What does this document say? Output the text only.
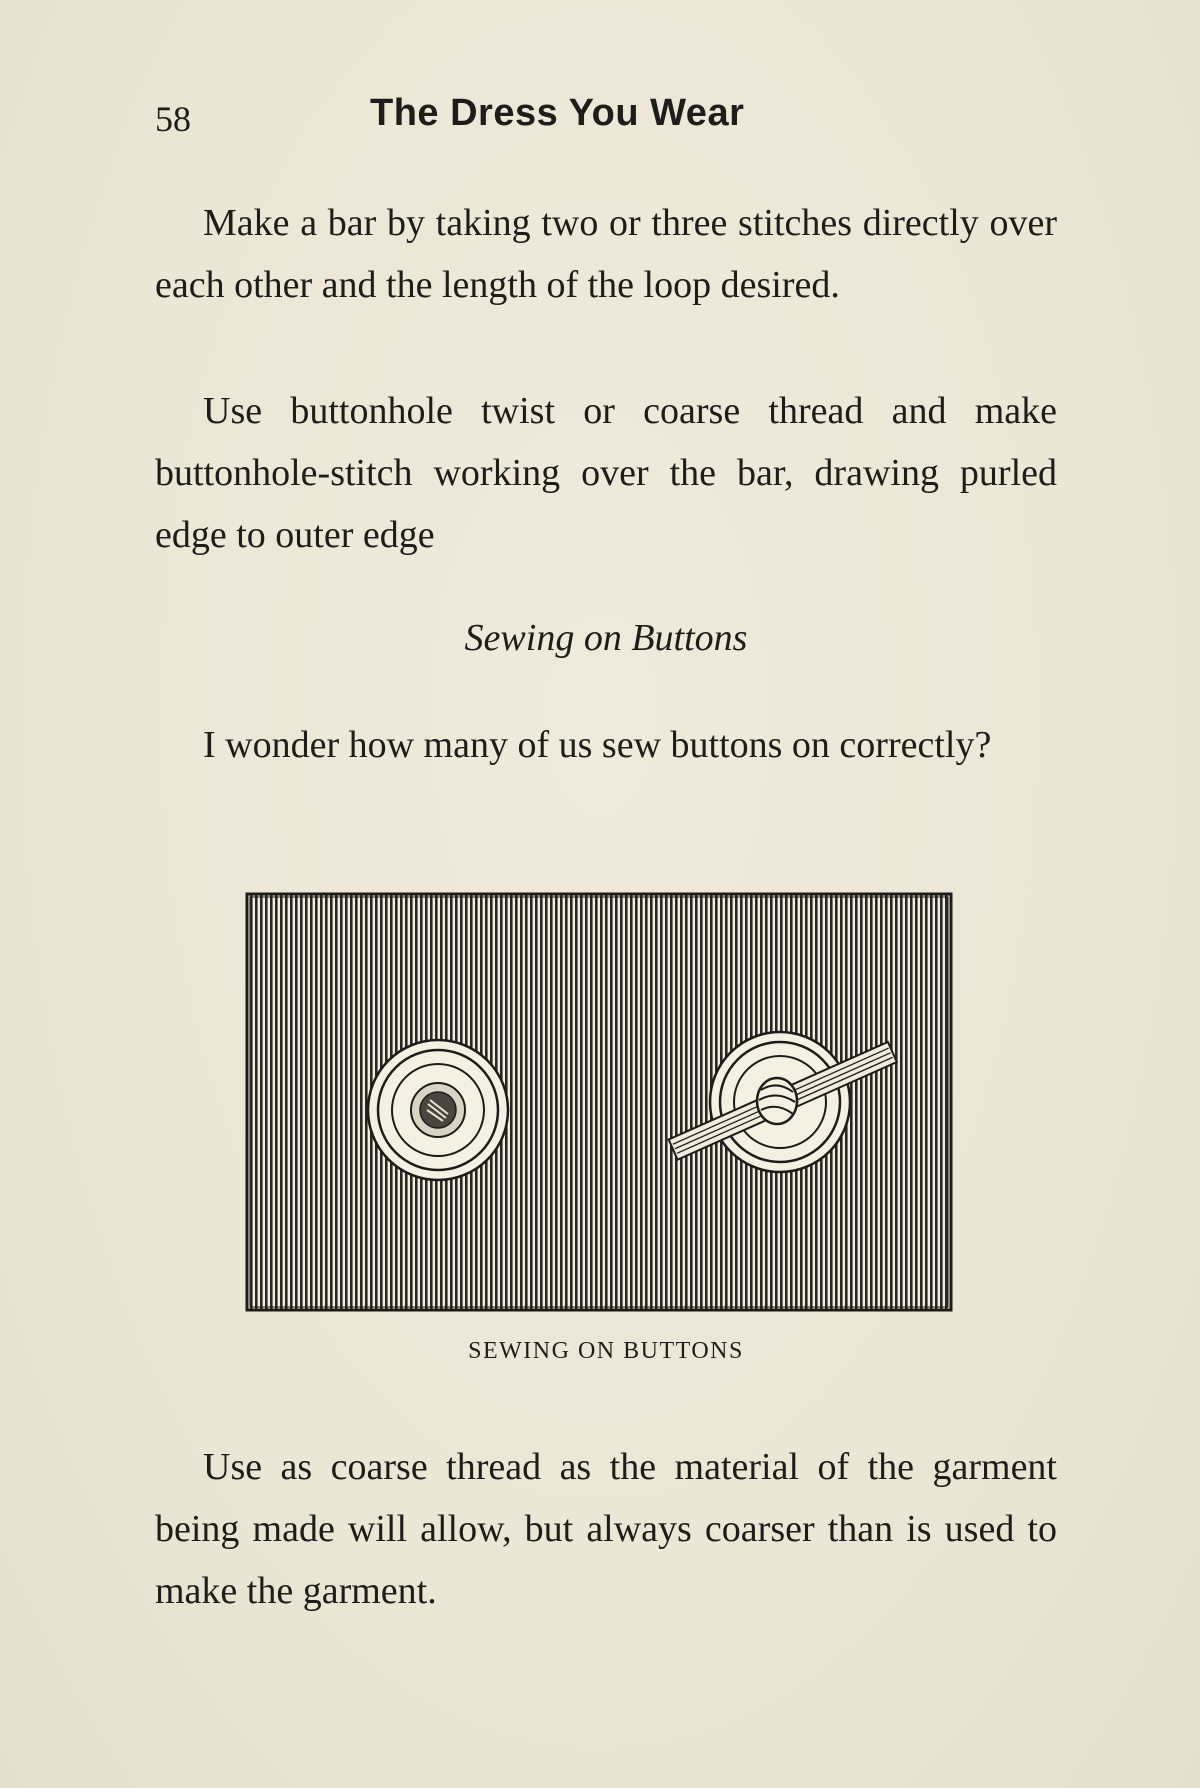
58	The Dress You Wear

Make a bar by taking two or three stitches directly over each other and the length of the loop desired.

Use buttonhole twist or coarse thread and make buttonhole-stitch working over the bar, drawing purled edge to outer edge

Sewing on Buttons

I wonder how many of us sew buttons on correctly?

SEWING ON BUTTONS

Use as coarse thread as the material of the garment being made will allow, but always coarser than is used to make the garment.
